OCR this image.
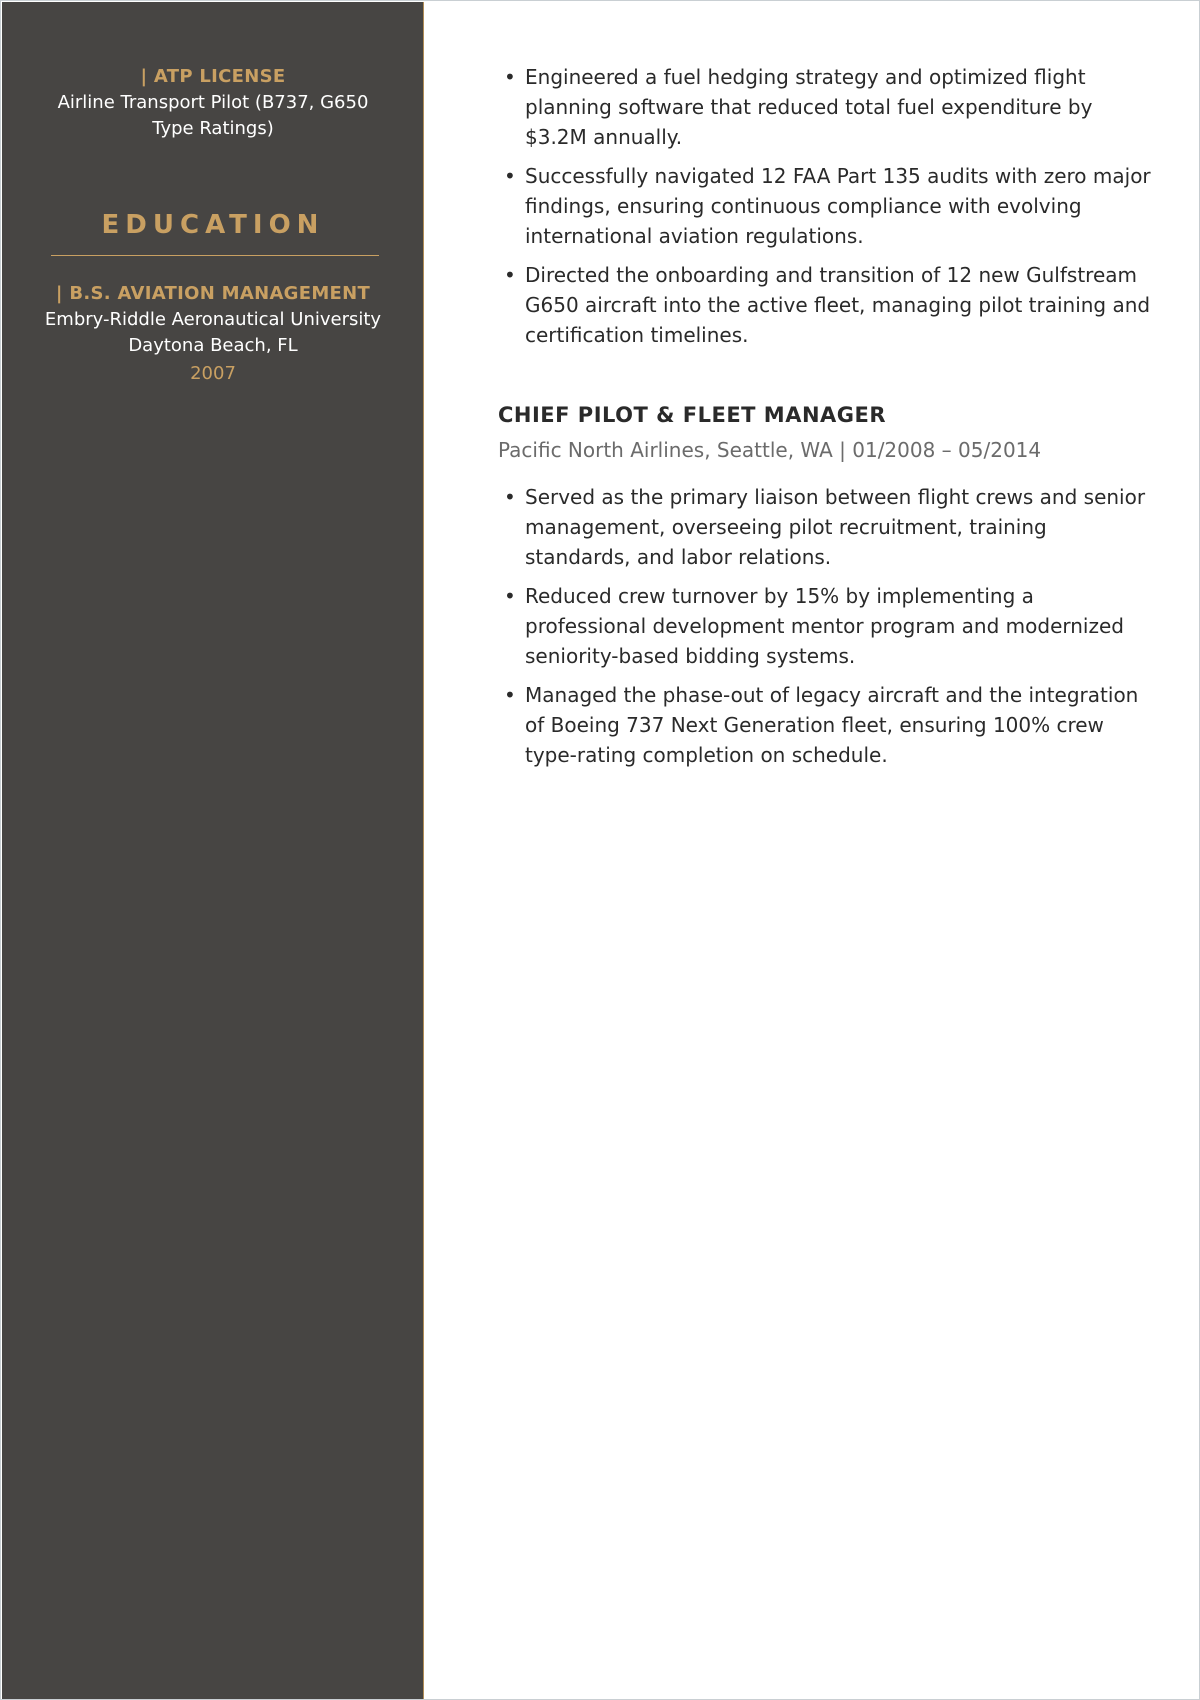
| ATP LICENSE
Airline Transport Pilot (B737, G650
Type Ratings)
EDUCATION
| B.S. AVIATION MANAGEMENT
Embry-Riddle Aeronautical University
Daytona Beach, FL
2007
• Engineered a fuel hedging strategy and optimized flight planning software that reduced total fuel expenditure by $3.2M annually.
• Successfully navigated 12 FAA Part 135 audits with zero major findings, ensuring continuous compliance with evolving international aviation regulations.
• Directed the onboarding and transition of 12 new Gulfstream G650 aircraft into the active fleet, managing pilot training and certification timelines.
CHIEF PILOT & FLEET MANAGER
Pacific North Airlines, Seattle, WA | 01/2008 – 05/2014
• Served as the primary liaison between flight crews and senior management, overseeing pilot recruitment, training standards, and labor relations.
• Reduced crew turnover by 15% by implementing a professional development mentor program and modernized seniority-based bidding systems.
• Managed the phase-out of legacy aircraft and the integration of Boeing 737 Next Generation fleet, ensuring 100% crew type-rating completion on schedule.
